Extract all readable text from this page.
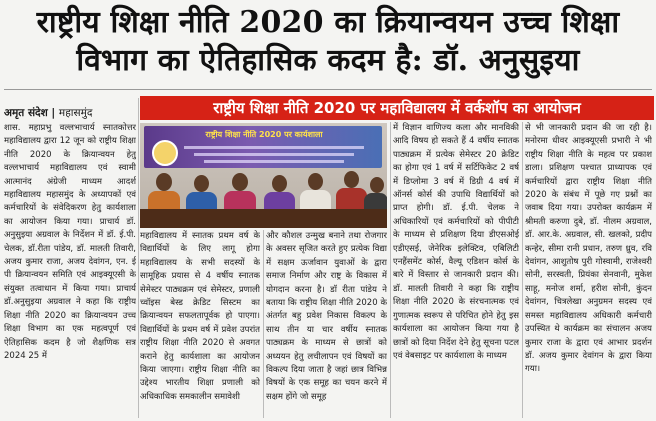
राष्ट्रीय शिक्षा नीति 2020 का क्रियान्वयन उच्च शिक्षा
विभाग का ऐतिहासिक कदम है: डॉ. अनुसुइया
अमृत संदेश | महासमुंद	राष्ट्रीय शिक्षा नीति 2020 पर महाविद्यालय में वर्कशॉप का आयोजन

शास. महाप्रभु वल्लभाचार्य स्नातकोत्तर महाविद्यालय द्वारा 12 जून को राष्ट्रीय शिक्षा नीति 2020 के क्रियान्वयन हेतु वल्लभाचार्य महाविद्यालय एवं स्वामी आत्मानंद अंग्रेजी माध्यम आदर्श महाविद्यालय महासमुंद के अध्यापकों एवं कर्मचारियों के संवेदिकरण हेतु कार्यशाला का आयोजन किया गया। प्राचार्य डॉ. अनुसुइया अग्रवाल के निर्देशन में डॉ. ई.पी. चेलक, डॉ.रीता पांडेय, डॉ. मालती तिवारी, अजय कुमार राजा, अजय देवांगन, एन. ई पी क्रियान्वयन समिति एवं आइक्यूएसी के संयुक्त तत्वाधान में किया गया। प्राचार्य डॉ.अनुसुइया अग्रवाल ने कहा कि राष्ट्रीय शिक्षा नीति 2020 का क्रियान्वयन उच्च शिक्षा विभाग का एक महत्वपूर्ण एवं ऐतिहासिक कदम है जो शैक्षणिक सत्र 2024 25 में

राष्ट्रीय शिक्षा नीति 2020 पर कार्यशाला

महाविद्यालय में स्नातक प्रथम वर्ष के विद्यार्थियों के लिए लागू होगा महाविद्यालय के सभी सदस्यों के सामूहिक प्रयास से 4 वर्षीय स्नातक सेमेस्टर पाठ्यक्रम एवं सेमेस्टर, प्रणाली च्वॉइस बेस्ड क्रेडिट सिस्टम का क्रियान्वयन सफलतापूर्वक हो पाएगा। विद्यार्थियों के प्रथम वर्ष में प्रवेश उपरांत राष्ट्रीय शिक्षा नीति 2020 से अवगत कराने हेतु कार्यशाला का आयोजन किया जाएगा। राष्ट्रीय शिक्षा नीति का उद्देश्य भारतीय शिक्षा प्रणाली को अधिकाधिक समकालीन समावेशी

और कौशल उन्मुख बनाने तथा रोजगार के अवसर सृजित करते हुए प्रत्येक विद्या में सक्षम ऊर्जावान युवाओं के द्वारा समाज निर्माण और राष्ट्र के विकास में योगदान करना है। डॉ रीता पांडेय ने बताया कि राष्ट्रीय शिक्षा नीति 2020 के अंतर्गत बहु प्रवेश निकास विकल्प के साथ तीन या चार वर्षीय स्नातक पाठ्यक्रम के माध्यम से छात्रों को अध्ययन हेतु लचीलापन एवं विषयों का विकल्प दिया जाता है जहां छात्र विभिन्न विषयों के एक समूह का चयन करने में सक्षम होंगे जो समूह

में विज्ञान वाणिज्य कला और मानविकी आदि विषय हो सकते हैं 4 वर्षीय स्नातक पाठ्यक्रम में प्रत्येक सेमेस्टर 20 क्रेडिट का होगा एवं 1 वर्ष में सर्टिफिकेट 2 वर्ष में डिप्लोमा 3 वर्ष में डिग्री 4 वर्ष में ऑनर्स कोर्स की उपाधि विद्यार्थियों को प्राप्त होगी। डॉ. ई.पी. चेलक ने अधिकारियों एवं कर्मचारियों को पीपीटी के माध्यम से प्रशिक्षण दिया डीएसओई एडीएसई, जेनेरिक इलेक्टिव, एबिलिटी एनहैंसमेंट कोर्स, वैल्यू एडिशन कोर्स के बारे में विस्तार से जानकारी प्रदान की। डॉ. मालती तिवारी ने कहा कि राष्ट्रीय शिक्षा नीति 2020 के संरचनात्मक एवं गुणात्मक स्वरूप से परिचित होने हेतु इस कार्यशाला का आयोजन किया गया है छात्रों को दिया निर्देश देने हेतु सूचना पटल एवं वेबसाइट पर कार्यशाला के माध्यम

से भी जानकारी प्रदान की जा रही है। मनोरमा धीवर आइक्यूएसी प्रभारी ने भी राष्ट्रीय शिक्षा नीति के महत्व पर प्रकाश डाला। प्रशिक्षण पश्चात प्राध्यापक एवं कर्मचारियों द्वारा राष्ट्रीय शिक्षा नीति 2020 के संबंध में पूछे गए प्रश्नों का जवाब दिया गया। उपरोक्त कार्यक्रम में श्रीमती करुणा दुबे, डॉ. नीलम अग्रवाल, डॉ. आर.के. अग्रवाल, सी. खलको, प्रदीप कन्हेर, सीमा रानी प्रधान, तरुण ध्रुव, रवि देवांगन, आशुतोष पुरी गोस्वामी, राजेश्वरी सोनी, सरस्वती, प्रियंका सेनवानी, मुकेश साहू, मनोज शर्मा, हरीश सोनी, कुंदन देवांगन, चित्रलेखा अनुग्रमन सदस्य एवं समस्त महाविद्यालय अधिकारी कर्मचारी उपस्थित थे कार्यक्रम का संचालन अजय कुमार राजा के द्वारा एवं आभार प्रदर्शन डॉ. अजय कुमार देवांगन के द्वारा किया गया।
